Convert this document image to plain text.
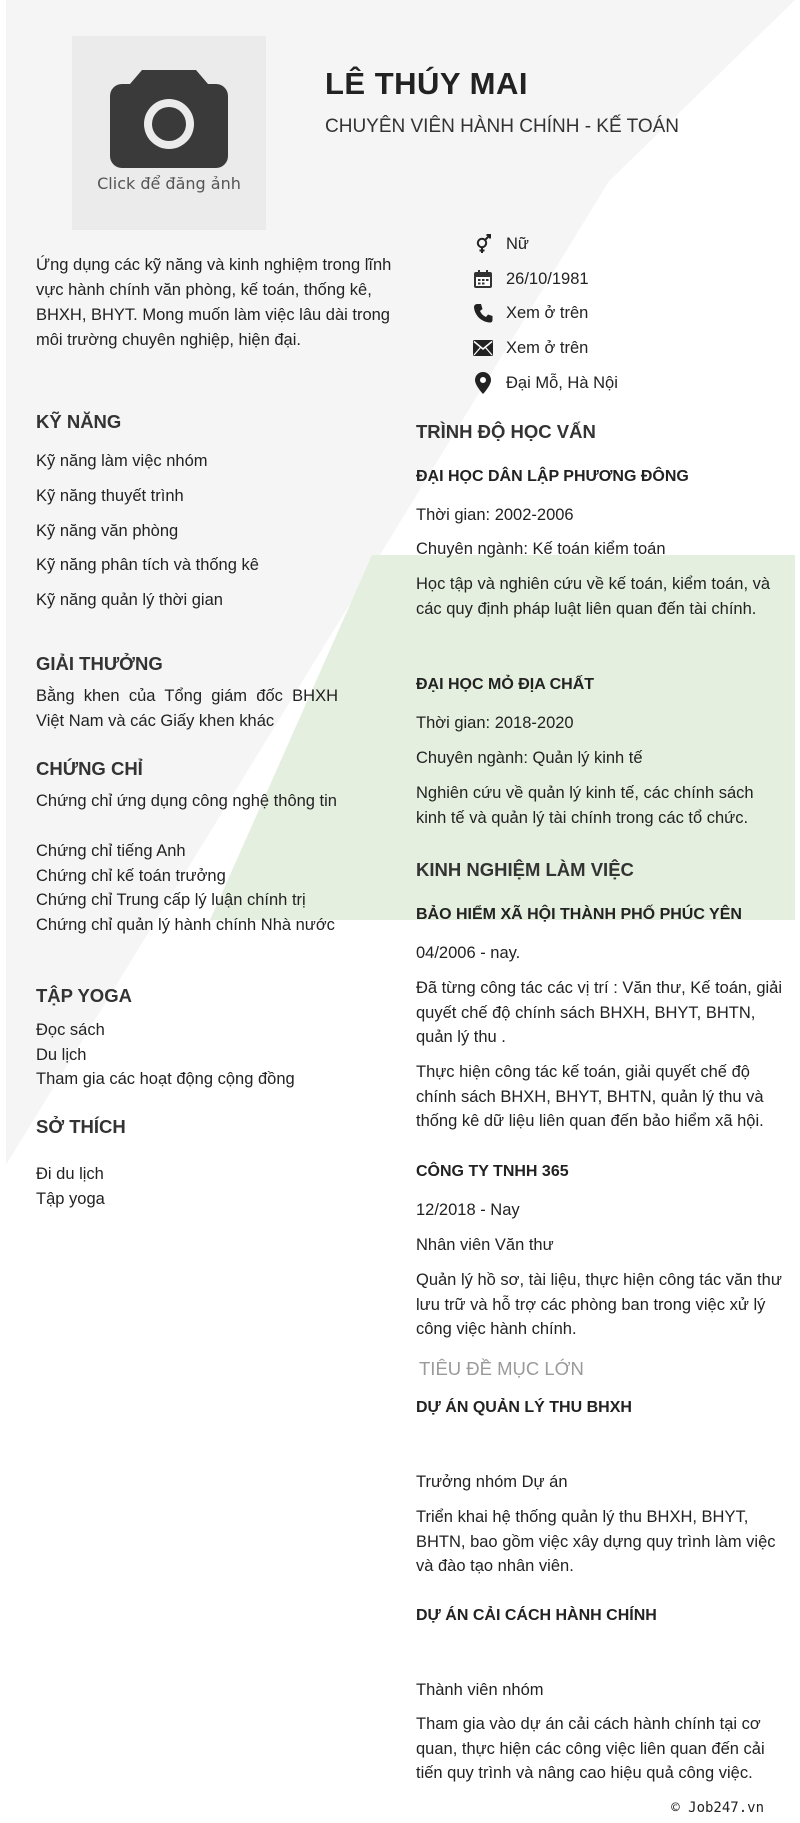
Click để đăng ảnh
LÊ THÚY MAI
CHUYÊN VIÊN HÀNH CHÍNH - KẾ TOÁN
Ứng dụng các kỹ năng và kinh nghiệm trong lĩnh vực hành chính văn phòng, kế toán, thống kê, BHXH, BHYT. Mong muốn làm việc lâu dài trong môi trường chuyên nghiệp, hiện đại.
Nữ
26/10/1981
Xem ở trên
Xem ở trên
Đại Mỗ, Hà Nội
KỸ NĂNG
Kỹ năng làm việc nhóm
Kỹ năng thuyết trình
Kỹ năng văn phòng
Kỹ năng phân tích và thống kê
Kỹ năng quản lý thời gian
GIẢI THƯỞNG
Bằng khen của Tổng giám đốc BHXH Việt Nam và các Giấy khen khác
CHỨNG CHỈ
Chứng chỉ ứng dụng công nghệ thông tin
Chứng chỉ tiếng Anh
Chứng chỉ kế toán trưởng
Chứng chỉ Trung cấp lý luận chính trị
Chứng chỉ quản lý hành chính Nhà nước
TẬP YOGA
Đọc sách
Du lịch
Tham gia các hoạt động cộng đồng
SỞ THÍCH
Đi du lịch
Tập yoga
TRÌNH ĐỘ HỌC VẤN
ĐẠI HỌC DÂN LẬP PHƯƠNG ĐÔNG
Thời gian: 2002-2006
Chuyên ngành: Kế toán kiểm toán
Học tập và nghiên cứu về kế toán, kiểm toán, và các quy định pháp luật liên quan đến tài chính.
ĐẠI HỌC MỎ ĐỊA CHẤT
Thời gian: 2018-2020
Chuyên ngành: Quản lý kinh tế
Nghiên cứu về quản lý kinh tế, các chính sách kinh tế và quản lý tài chính trong các tổ chức.
KINH NGHIỆM LÀM VIỆC
BẢO HIỂM XÃ HỘI THÀNH PHỐ PHÚC YÊN
04/2006 - nay.
Đã từng công tác các vị trí : Văn thư, Kế toán, giải quyết chế độ chính sách BHXH, BHYT, BHTN, quản lý thu .
Thực hiện công tác kế toán, giải quyết chế độ chính sách BHXH, BHYT, BHTN, quản lý thu và thống kê dữ liệu liên quan đến bảo hiểm xã hội.
CÔNG TY TNHH 365
12/2018 - Nay
Nhân viên Văn thư
Quản lý hồ sơ, tài liệu, thực hiện công tác văn thư lưu trữ và hỗ trợ các phòng ban trong việc xử lý công việc hành chính.
TIÊU ĐỀ MỤC LỚN
DỰ ÁN QUẢN LÝ THU BHXH
Trưởng nhóm Dự án
Triển khai hệ thống quản lý thu BHXH, BHYT, BHTN, bao gồm việc xây dựng quy trình làm việc và đào tạo nhân viên.
DỰ ÁN CẢI CÁCH HÀNH CHÍNH
Thành viên nhóm
Tham gia vào dự án cải cách hành chính tại cơ quan, thực hiện các công việc liên quan đến cải tiến quy trình và nâng cao hiệu quả công việc.
© Job247.vn
